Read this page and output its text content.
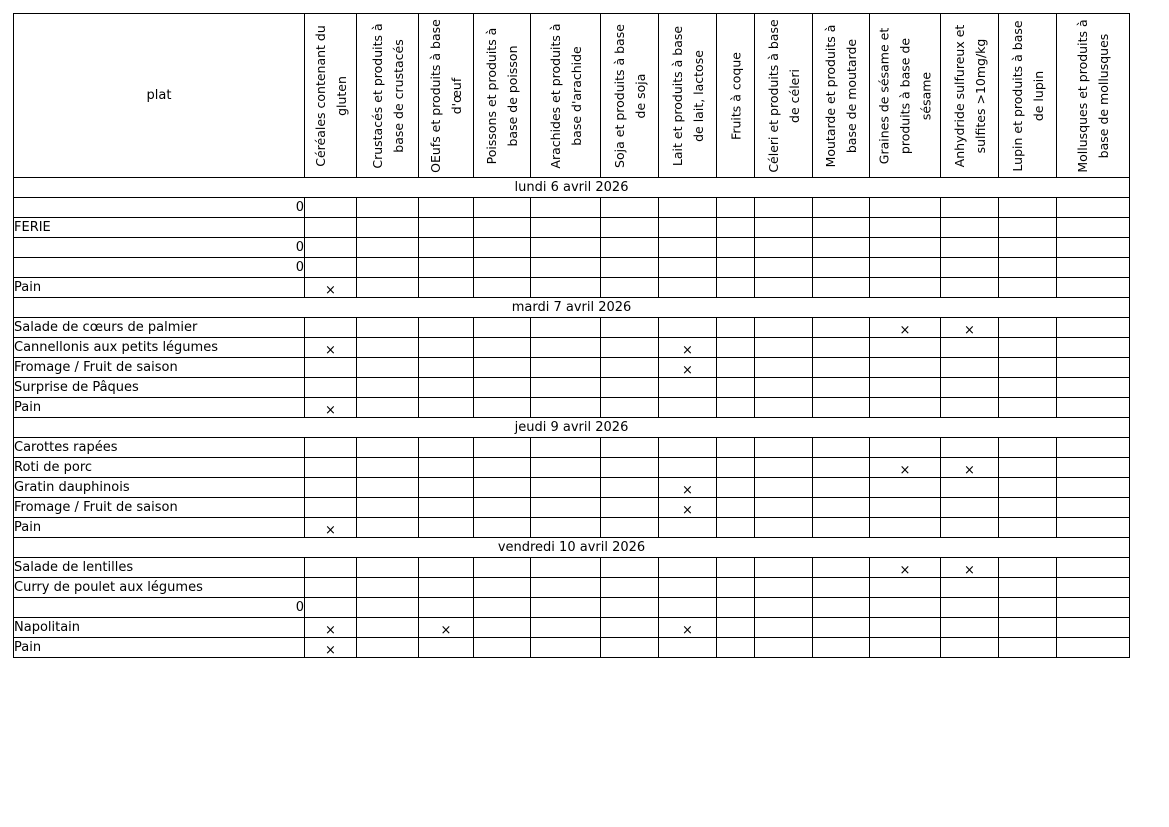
plat	Céréales contenant du gluten	Crustacés et produits à base de crustacés	OEufs et produits à base d'œuf	Poissons et produits à base de poisson	Arachides et produits à base d'arachide	Soja et produits à base de soja	Lait et produits à base de lait, lactose	Fruits à coque	Céleri et produits à base de céleri	Moutarde et produits à base de moutarde	Graines de sésame et produits à base de sésame	Anhydride sulfureux et sulfites >10mg/kg	Lupin et produits à base de lupin	Mollusques et produits à base de mollusques

lundi 6 avril 2026														
0														
FERIE														
0														
0														
Pain	×													
mardi 7 avril 2026														
Salade de cœurs de palmier											×	×		
Cannellonis aux petits légumes	×						×							
Fromage / Fruit de saison							×							
Surprise de Pâques														
Pain	×													
jeudi 9 avril 2026														
Carottes rapées														
Roti de porc											×	×		
Gratin dauphinois							×							
Fromage / Fruit de saison							×							
Pain	×													
vendredi 10 avril 2026														
Salade de lentilles											×	×		
Curry de poulet aux légumes														
0														
Napolitain	×		×				×							
Pain	×													
